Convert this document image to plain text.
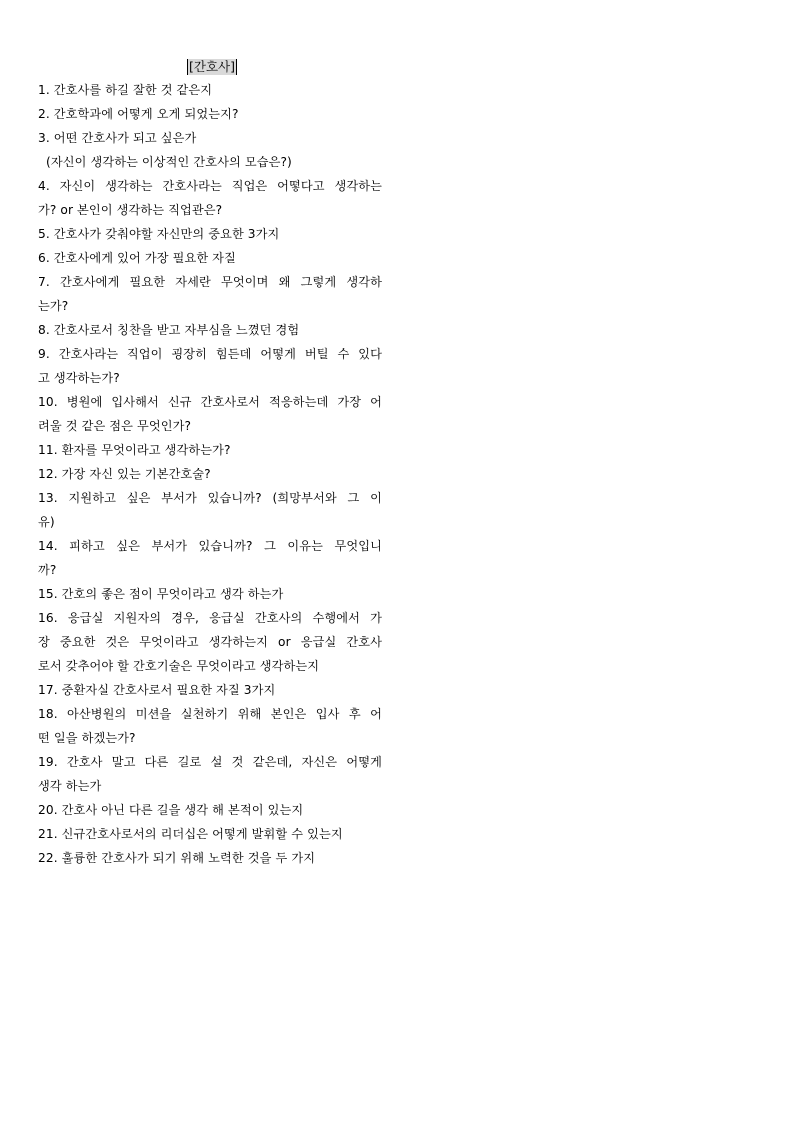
[간호사]
1. 간호사를 하길 잘한 것 같은지
2. 간호학과에 어떻게 오게 되었는지?
3. 어떤 간호사가 되고 싶은가
(자신이 생각하는 이상적인 간호사의 모습은?)
4. 자신이 생각하는 간호사라는 직업은 어떻다고 생각하는
가? or 본인이 생각하는 직업관은?
5. 간호사가 갖춰야할 자신만의 중요한 3가지
6. 간호사에게 있어 가장 필요한 자질
7. 간호사에게 필요한 자세란 무엇이며 왜 그렇게 생각하
는가?
8. 간호사로서 칭찬을 받고 자부심을 느꼈던 경험
9. 간호사라는 직업이 굉장히 힘든데 어떻게 버틸 수 있다
고 생각하는가?
10. 병원에 입사해서 신규 간호사로서 적응하는데 가장 어
려울 것 같은 점은 무엇인가?
11. 환자를 무엇이라고 생각하는가?
12. 가장 자신 있는 기본간호술?
13. 지원하고 싶은 부서가 있습니까? (희망부서와 그 이
유)
14. 피하고 싶은 부서가 있습니까? 그 이유는 무엇입니
까?
15. 간호의 좋은 점이 무엇이라고 생각 하는가
16. 응급실 지원자의 경우, 응급실 간호사의 수행에서 가
장 중요한 것은 무엇이라고 생각하는지 or 응급실 간호사
로서 갖추어야 할 간호기술은 무엇이라고 생각하는지
17. 중환자실 간호사로서 필요한 자질 3가지
18. 아산병원의 미션을 실천하기 위해 본인은 입사 후 어
떤 일을 하겠는가?
19. 간호사 말고 다른 길로 설 것 같은데, 자신은 어떻게
생각 하는가
20. 간호사 아닌 다른 길을 생각 해 본적이 있는지
21. 신규간호사로서의 리더십은 어떻게 발휘할 수 있는지
22. 훌륭한 간호사가 되기 위해 노력한 것을 두 가지
